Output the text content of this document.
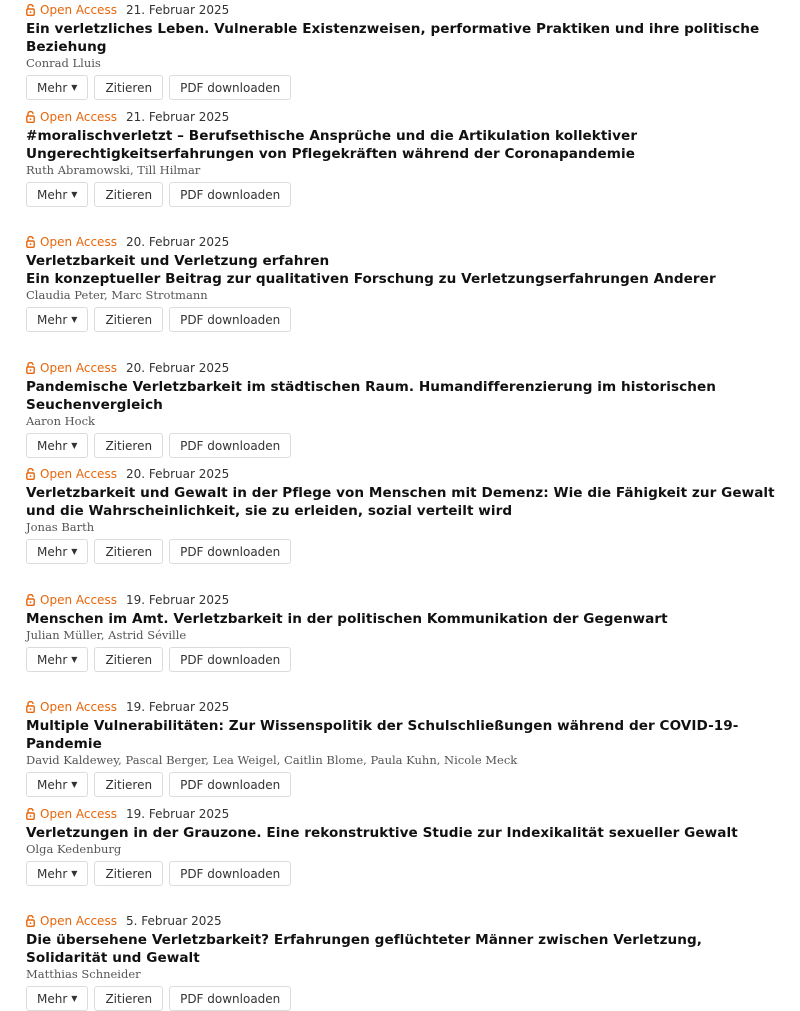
Open Access 21. Februar 2025
Ein verletzliches Leben. Vulnerable Existenzweisen, performative Praktiken und ihre politische Beziehung
Conrad Lluis
Mehr ▼	Zitieren	PDF downloaden
Open Access 21. Februar 2025
#moralischverletzt – Berufsethische Ansprüche und die Artikulation kollektiver Ungerechtigkeitserfahrungen von Pflegekräften während der Coronapandemie
Ruth Abramowski, Till Hilmar
Mehr ▼	Zitieren	PDF downloaden
Open Access 20. Februar 2025
Verletzbarkeit und Verletzung erfahren
Ein konzeptueller Beitrag zur qualitativen Forschung zu Verletzungserfahrungen Anderer
Claudia Peter, Marc Strotmann
Mehr ▼	Zitieren	PDF downloaden
Open Access 20. Februar 2025
Pandemische Verletzbarkeit im städtischen Raum. Humandifferenzierung im historischen Seuchenvergleich
Aaron Hock
Mehr ▼	Zitieren	PDF downloaden
Open Access 20. Februar 2025
Verletzbarkeit und Gewalt in der Pflege von Menschen mit Demenz: Wie die Fähigkeit zur Gewalt und die Wahrscheinlichkeit, sie zu erleiden, sozial verteilt wird
Jonas Barth
Mehr ▼	Zitieren	PDF downloaden
Open Access 19. Februar 2025
Menschen im Amt. Verletzbarkeit in der politischen Kommunikation der Gegenwart
Julian Müller, Astrid Séville
Mehr ▼	Zitieren	PDF downloaden
Open Access 19. Februar 2025
Multiple Vulnerabilitäten: Zur Wissenspolitik der Schulschließungen während der COVID-19-Pandemie
David Kaldewey, Pascal Berger, Lea Weigel, Caitlin Blome, Paula Kuhn, Nicole Meck
Mehr ▼	Zitieren	PDF downloaden
Open Access 19. Februar 2025
Verletzungen in der Grauzone. Eine rekonstruktive Studie zur Indexikalität sexueller Gewalt
Olga Kedenburg
Mehr ▼	Zitieren	PDF downloaden
Open Access 5. Februar 2025
Die übersehene Verletzbarkeit? Erfahrungen geflüchteter Männer zwischen Verletzung, Solidarität und Gewalt
Matthias Schneider
Mehr ▼	Zitieren	PDF downloaden
